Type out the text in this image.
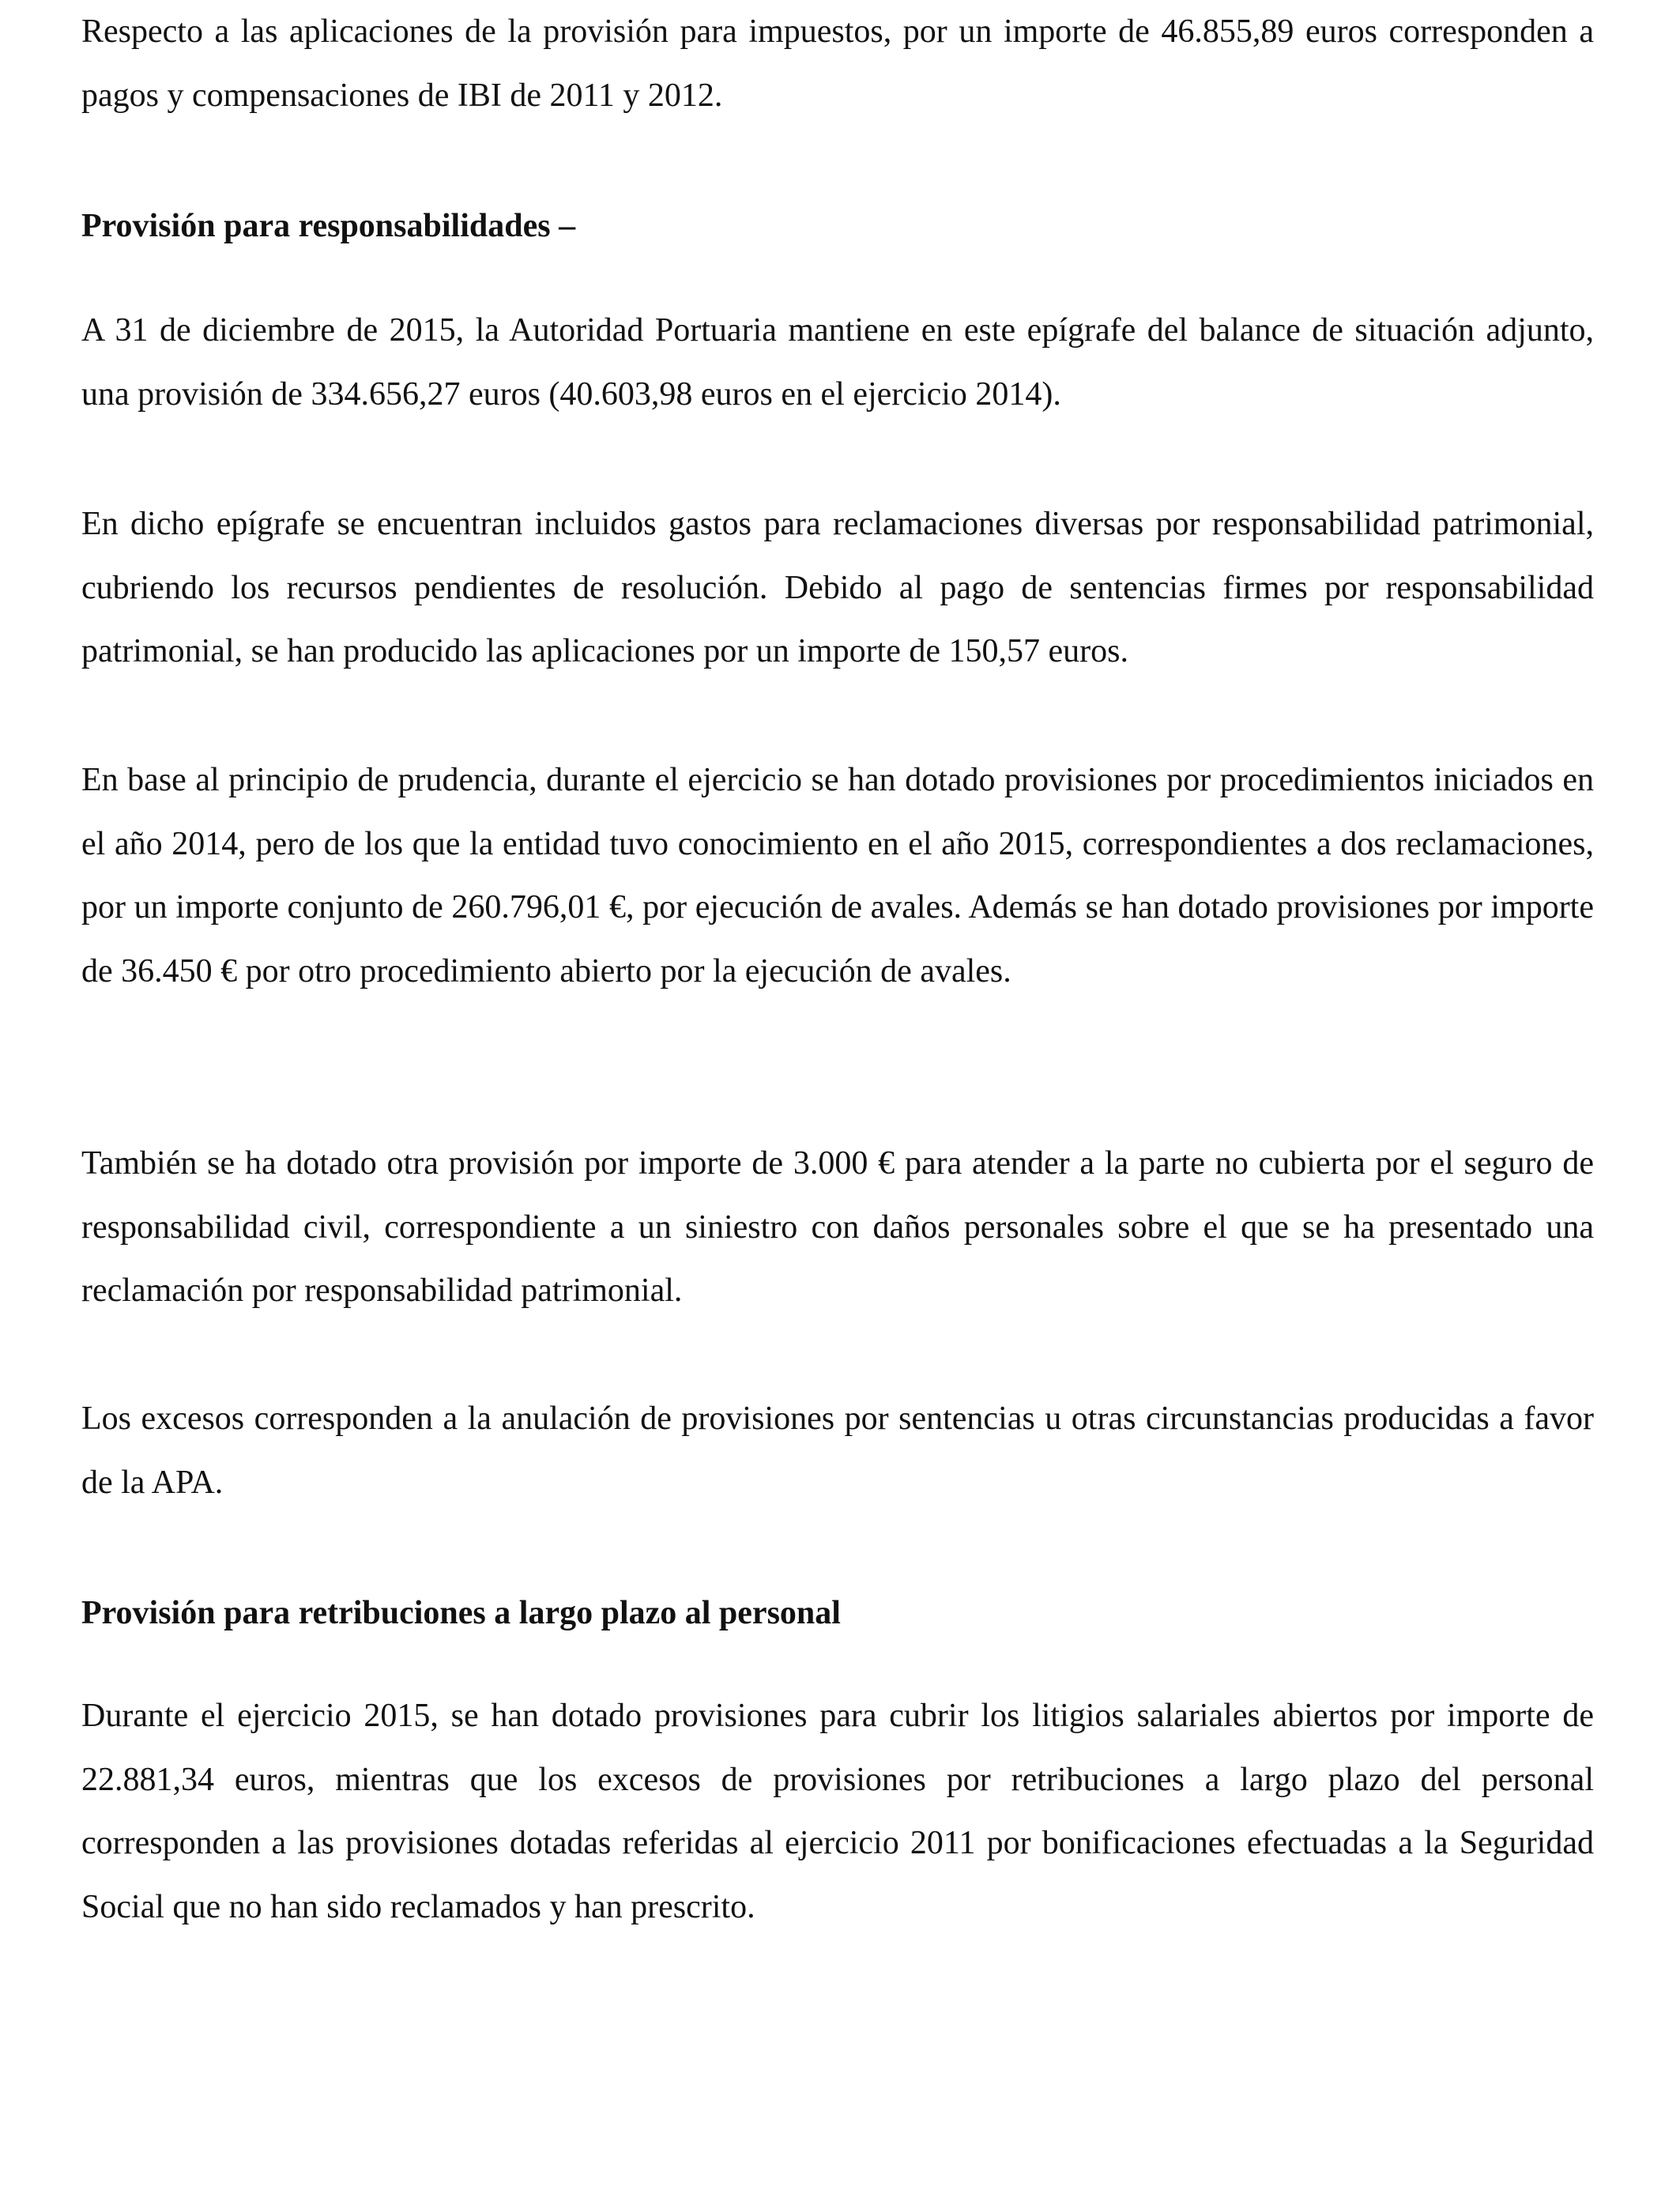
Respecto a las aplicaciones de la provisión para impuestos, por un importe de 46.855,89 euros corresponden a pagos y compensaciones de IBI de 2011 y 2012.

Provisión para responsabilidades –

A 31 de diciembre de 2015, la Autoridad Portuaria mantiene en este epígrafe del balance de situación adjunto, una provisión de 334.656,27 euros (40.603,98 euros en el ejercicio 2014).

En dicho epígrafe se encuentran incluidos gastos para reclamaciones diversas por responsabilidad patrimonial, cubriendo los recursos pendientes de resolución. Debido al pago de sentencias firmes por responsabilidad patrimonial, se han producido las aplicaciones por un importe de 150,57 euros.

En base al principio de prudencia, durante el ejercicio se han dotado provisiones por procedimientos iniciados en el año 2014, pero de los que la entidad tuvo conocimiento en el año 2015, correspondientes a dos reclamaciones, por un importe conjunto de 260.796,01 €, por ejecución de avales. Además se han dotado provisiones por importe de 36.450 € por otro procedimiento abierto por la ejecución de avales.

También se ha dotado otra provisión por importe de 3.000 € para atender a la parte no cubierta por el seguro de responsabilidad civil, correspondiente a un siniestro con daños personales sobre el que se ha presentado una reclamación por responsabilidad patrimonial.

Los excesos corresponden a la anulación de provisiones por sentencias u otras circunstancias producidas a favor de la APA.

Provisión para retribuciones a largo plazo al personal

Durante el ejercicio 2015, se han dotado provisiones para cubrir los litigios salariales abiertos por importe de 22.881,34 euros, mientras que los excesos de provisiones por retribuciones a largo plazo del personal corresponden a las provisiones dotadas referidas al ejercicio 2011 por bonificaciones efectuadas a la Seguridad Social que no han sido reclamados y han prescrito.
